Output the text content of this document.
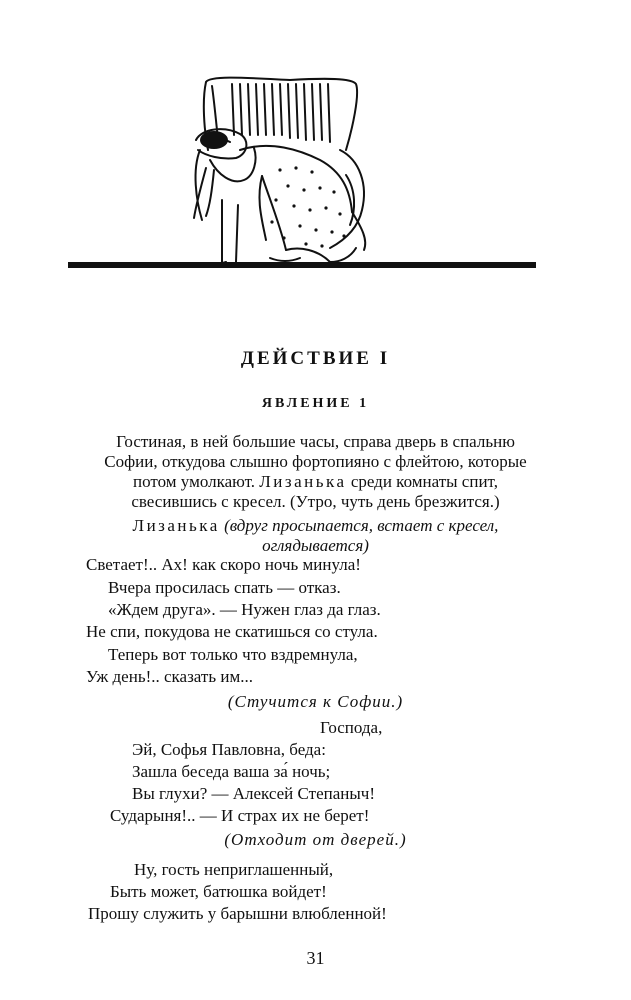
ДЕЙСТВИЕ I
ЯВЛЕНИЕ 1
Гостиная, в ней большие часы, справа дверь в спальню
Софии, откудова слышно фортопияно с флейтою, которые
потом умолкают. Лизанька среди комнаты спит,
свесившись с кресел. (Утро, чуть день брезжится.)
Лизанька (вдруг просыпается, встает с кресел,
оглядывается)
Светает!.. Ах! как скоро ночь минула!
Вчера просилась спать — отказ.
«Ждем друга». — Нужен глаз да глаз.
Не спи, покудова не скатишься со стула.
Теперь вот только что вздремнула,
Уж день!.. сказать им...
(Стучится к Софии.)
Господа,
Эй, Софья Павловна, беда:
Зашла беседа ваша за́ ночь;
Вы глухи? — Алексей Степаныч!
Сударыня!.. — И страх их не берет!
(Отходит от дверей.)
Ну, гость неприглашенный,
Быть может, батюшка войдет!
Прошу служить у барышни влюбленной!
31
